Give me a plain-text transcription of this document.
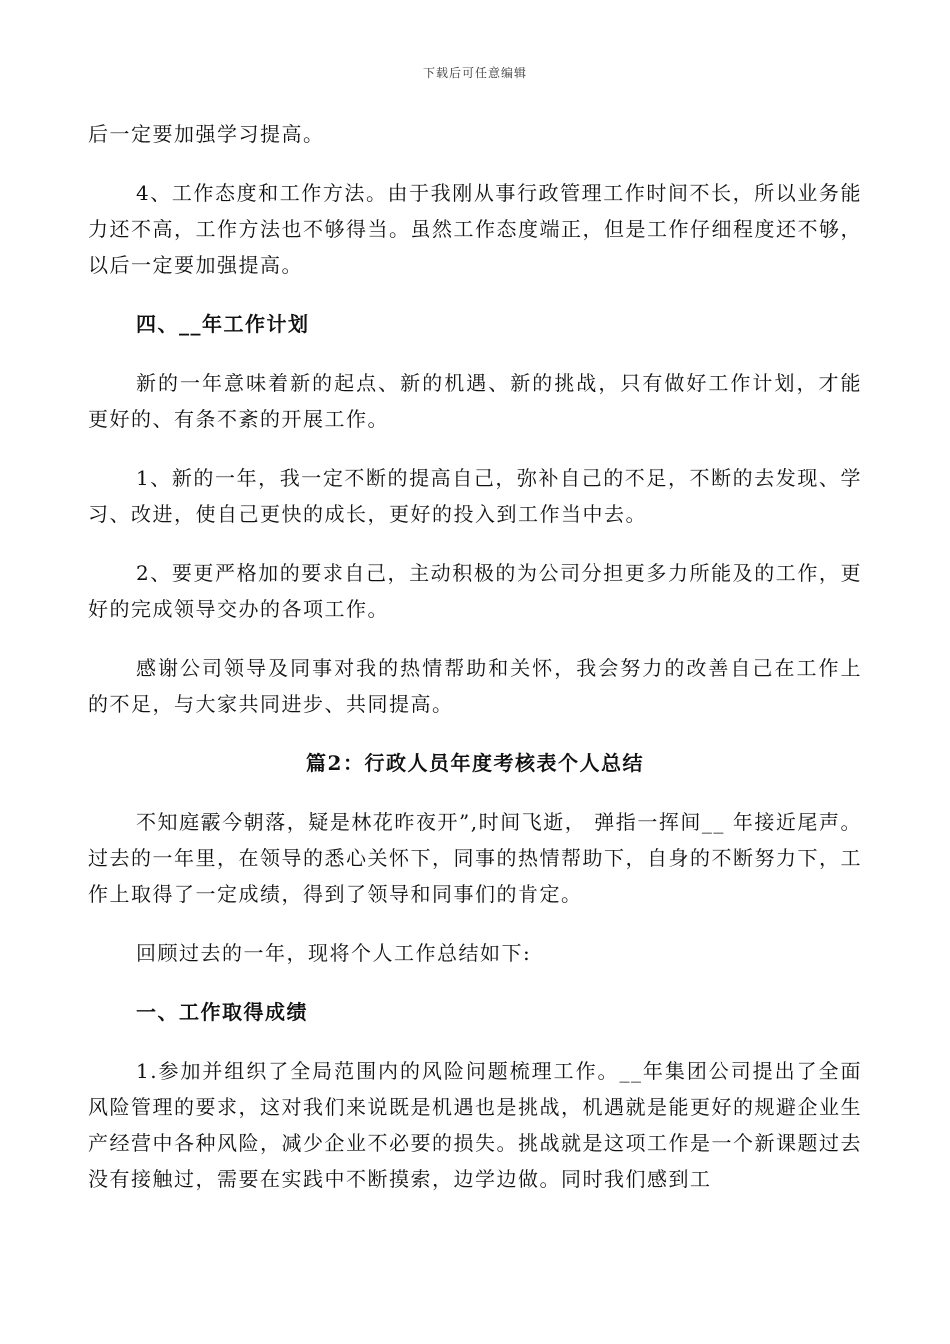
下载后可任意编辑

后一定要加强学习提高。

4、工作态度和工作方法。由于我刚从事行政管理工作时间不长，所以业务能力还不高，工作方法也不够得当。虽然工作态度端正，但是工作仔细程度还不够，以后一定要加强提高。

四、__年工作计划

新的一年意味着新的起点、新的机遇、新的挑战，只有做好工作计划，才能更好的、有条不紊的开展工作。

1、新的一年，我一定不断的提高自己，弥补自己的不足，不断的去发现、学习、改进，使自己更快的成长，更好的投入到工作当中去。

2、要更严格加的要求自己，主动积极的为公司分担更多力所能及的工作，更好的完成领导交办的各项工作。

感谢公司领导及同事对我的热情帮助和关怀，我会努力的改善自己在工作上的不足，与大家共同进步、共同提高。

篇2：行政人员年度考核表个人总结

不知庭霰今朝落，疑是林花昨夜开”,时间飞逝， 弹指一挥间__ 年接近尾声。过去的一年里，在领导的悉心关怀下，同事的热情帮助下，自身的不断努力下，工作上取得了一定成绩，得到了领导和同事们的肯定。

回顾过去的一年，现将个人工作总结如下:

一、工作取得成绩

1.参加并组织了全局范围内的风险问题梳理工作。__年集团公司提出了全面风险管理的要求，这对我们来说既是机遇也是挑战，机遇就是能更好的规避企业生产经营中各种风险，减少企业不必要的损失。挑战就是这项工作是一个新课题过去没有接触过，需要在实践中不断摸索，边学边做。同时我们感到工
